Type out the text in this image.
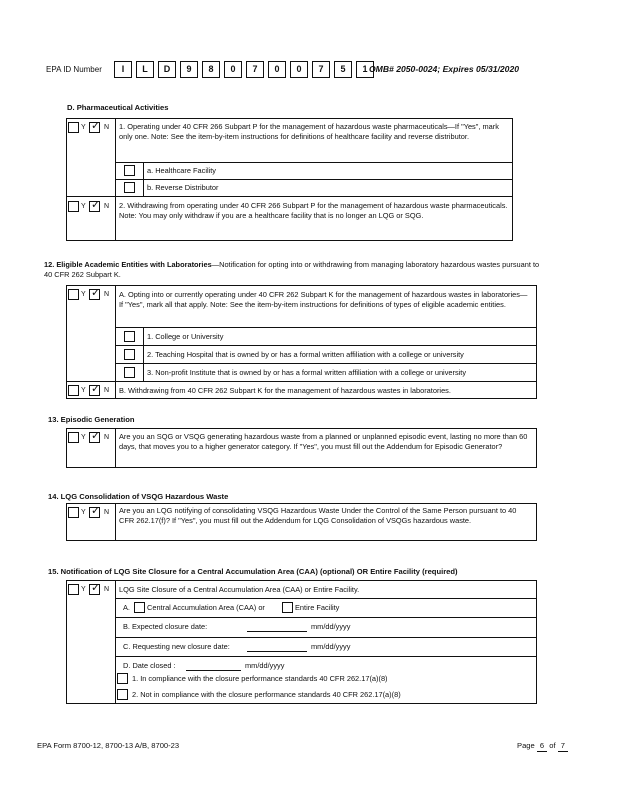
EPA ID Number	I	L	D	9	8	0	7	0	0	7	5	1 OMB# 2050-0024; Expires 05/31/2020
D. Pharmaceutical Activities
Y ✓ N 1. Operating under 40 CFR 266 Subpart P for the management of hazardous waste pharmaceuticals—If "Yes", mark only one. Note: See the item-by-item instructions for definitions of healthcare facility and reverse distributor.
a. Healthcare Facility
b. Reverse Distributor
Y ✓ N 2. Withdrawing from operating under 40 CFR 266 Subpart P for the management of hazardous waste pharmaceuticals. Note: You may only withdraw if you are a healthcare facility that is no longer an LQG or SQG.
12. Eligible Academic Entities with Laboratories—Notification for opting into or withdrawing from managing laboratory hazardous wastes pursuant to 40 CFR 262 Subpart K.
Y ✓ N A. Opting into or currently operating under 40 CFR 262 Subpart K for the management of hazardous wastes in laboratories— If "Yes", mark all that apply. Note: See the item-by-item instructions for definitions of types of eligible academic entities.
1. College or University
2. Teaching Hospital that is owned by or has a formal written affiliation with a college or university
3. Non-profit Institute that is owned by or has a formal written affiliation with a college or university
Y ✓ N B. Withdrawing from 40 CFR 262 Subpart K for the management of hazardous wastes in laboratories.
13. Episodic Generation
Y ✓ N Are you an SQG or VSQG generating hazardous waste from a planned or unplanned episodic event, lasting no more than 60 days, that moves you to a higher generator category. If "Yes", you must fill out the Addendum for Episodic Generator?
14. LQG Consolidation of VSQG Hazardous Waste
Y ✓ N Are you an LQG notifying of consolidating VSQG Hazardous Waste Under the Control of the Same Person pursuant to 40 CFR 262.17(f)? If "Yes", you must fill out the Addendum for LQG Consolidation of VSQGs hazardous waste.
15. Notification of LQG Site Closure for a Central Accumulation Area (CAA) (optional) OR Entire Facility (required)
Y ✓ N LQG Site Closure of a Central Accumulation Area (CAA) or Entire Facility.
A. Central Accumulation Area (CAA) or	Entire Facility
B. Expected closure date:	mm/dd/yyyy
C. Requesting new closure date:	mm/dd/yyyy
D. Date closed :	mm/dd/yyyy
1. In compliance with the closure performance standards 40 CFR 262.17(a)(8)
2. Not in compliance with the closure performance standards 40 CFR 262.17(a)(8)
EPA Form 8700-12, 8700-13 A/B, 8700-23	Page 6 of 7
